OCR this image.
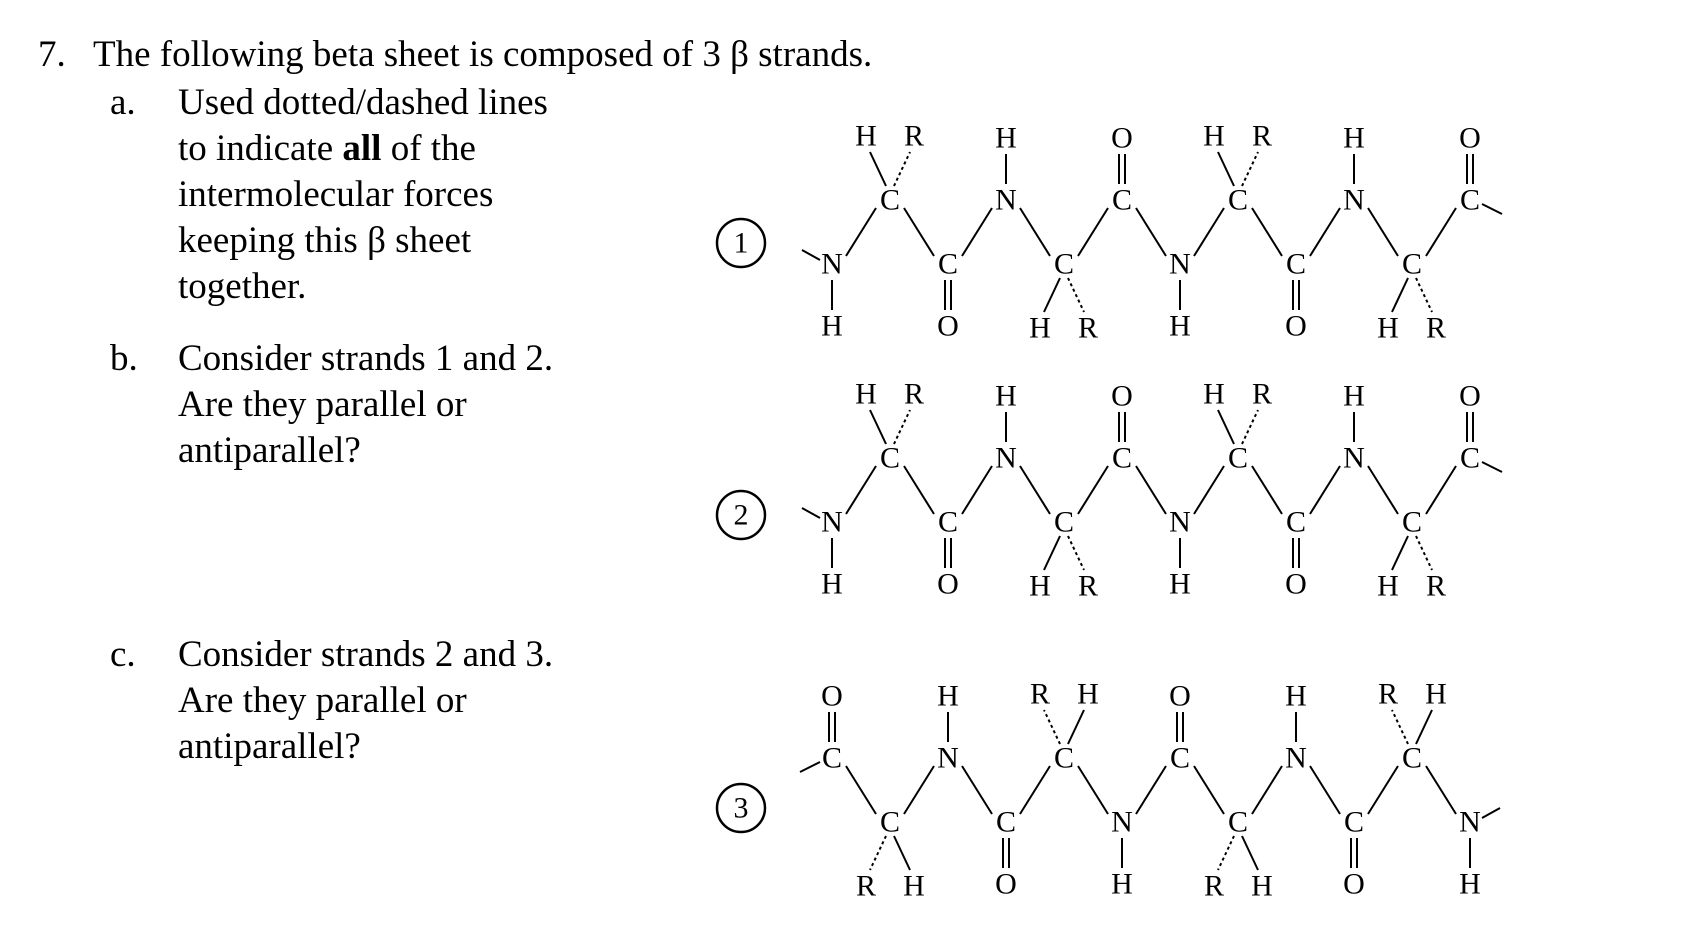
7. The following beta sheet is composed of 3 β strands.
a. Used dotted/dashed lines
to indicate all of the
intermolecular forces
keeping this β sheet
together.
b. Consider strands 1 and 2.
Are they parallel or
antiparallel?
c. Consider strands 2 and 3.
Are they parallel or
antiparallel?
1
2
3
N
H
C
H R
C
O
N
H
C
H R
C
O
N
H
C
H R
C
O
N
H
C
H R
C
O
N
H
C
H R
C
O
N
H
C
H R
C
O
N
H
C
H R
C
O
N
H
C
H R
C
O
C
O
C
R H
N
H
C
O
C
R H
N
H
C
O
C
R H
N
H
C
O
C
R H
N
H
